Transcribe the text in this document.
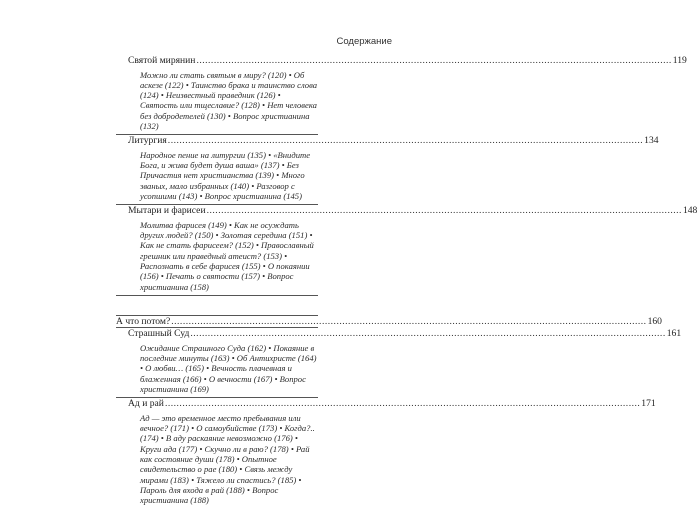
Содержание
Святой мирянин .....	119
Можно ли стать святым в миру? (120) • Об аскезе (122) • Таинство брака и таинство слова (124) • Неизвестный праведник (126) • Святость или тщеславие? (128) • Нет человека без добродетелей (130) • Вопрос христианина (132)
Литургия .....	134
Народное пение на литургии (135) • «Внидите Бога, и жива будет душа ваша» (137) • Без Причастия нет христианства (139) • Много званых, мало избранных (140) • Разговор с усопшими (143) • Вопрос христианина (145)
Мытари и фарисеи .....	148
Молитва фарисея (149) • Как не осуждать других людей? (150) • Золотая середина (151) • Как не стать фарисеем? (152) • Православный грешник или праведный атеист? (153) • Распознать в себе фарисея (155) • О покаянии (156) • Печать о святости (157) • Вопрос христианина (158)
А что потом? .....	160
Страшный Суд .....	161
Ожидание Страшного Суда (162) • Покаяние в последние минуты (163) • Об Антихристе (164) • О любви… (165) • Вечность плачевная и блаженная (166) • О вечности (167) • Вопрос христианина (169)
Ад и рай .....	171
Ад — это временное место пребывания или вечное? (171) • О самоубийстве (173) • Когда?.. (174) • В аду раскаяние невозможно (176) • Круги ада (177) • Скучно ли в раю? (178) • Рай как состояние души (178) • Опытное свидетельство о рае (180) • Связь между мирами (183) • Тяжело ли спастись? (185) • Пароль для входа в рай (188) • Вопрос христианина (188)
